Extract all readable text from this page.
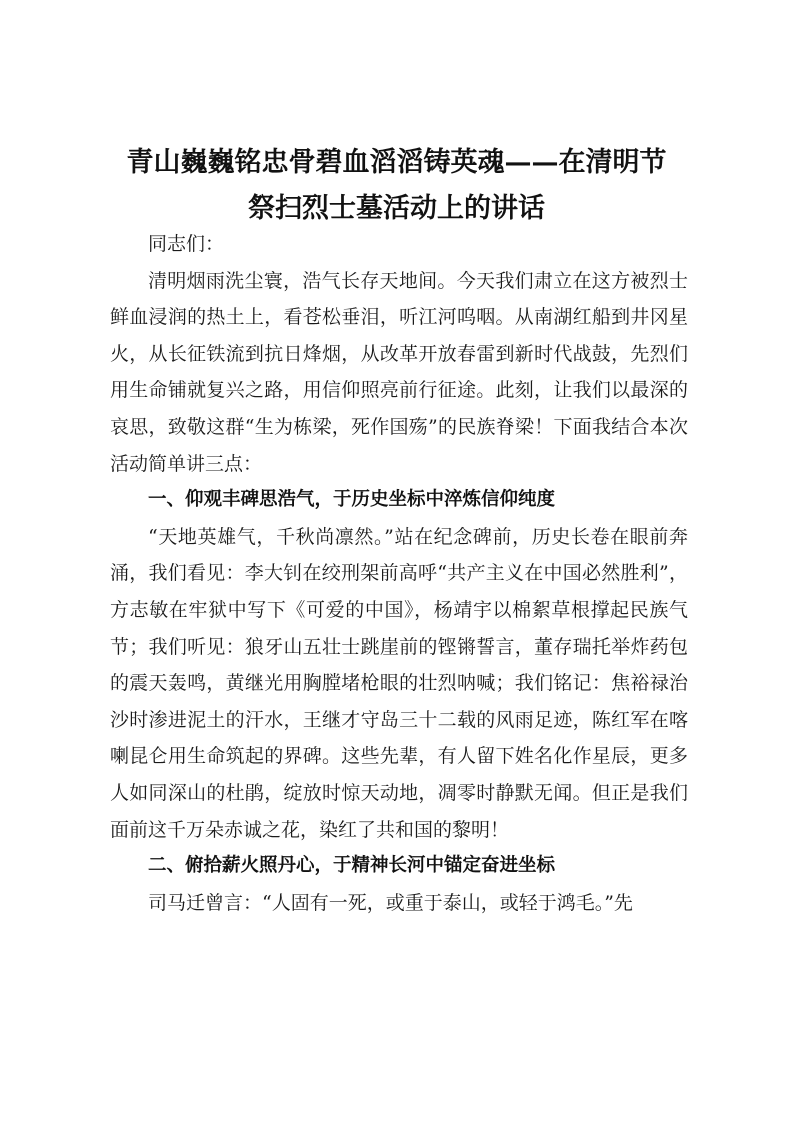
青山巍巍铭忠骨碧血滔滔铸英魂——在清明节
祭扫烈士墓活动上的讲话

同志们：

清明烟雨洗尘寰，浩气长存天地间。今天我们肃立在这方被烈士鲜血浸润的热土上，看苍松垂泪，听江河呜咽。从南湖红船到井冈星火，从长征铁流到抗日烽烟，从改革开放春雷到新时代战鼓，先烈们用生命铺就复兴之路，用信仰照亮前行征途。此刻，让我们以最深的哀思，致敬这群“生为栋梁，死作国殇”的民族脊梁！下面我结合本次活动简单讲三点：

一、仰观丰碑思浩气，于历史坐标中淬炼信仰纯度

“天地英雄气，千秋尚凛然。”站在纪念碑前，历史长卷在眼前奔涌，我们看见：李大钊在绞刑架前高呼“共产主义在中国必然胜利”，方志敏在牢狱中写下《可爱的中国》，杨靖宇以棉絮草根撑起民族气节；我们听见：狼牙山五壮士跳崖前的铿锵誓言，董存瑞托举炸药包的震天轰鸣，黄继光用胸膛堵枪眼的壮烈呐喊；我们铭记：焦裕禄治沙时渗进泥土的汗水，王继才守岛三十二载的风雨足迹，陈红军在喀喇昆仑用生命筑起的界碑。这些先辈，有人留下姓名化作星辰，更多人如同深山的杜鹃，绽放时惊天动地，凋零时静默无闻。但正是我们面前这千万朵赤诚之花，染红了共和国的黎明！

二、俯拾薪火照丹心，于精神长河中锚定奋进坐标

司马迁曾言：“人固有一死，或重于泰山，或轻于鸿毛。”先
